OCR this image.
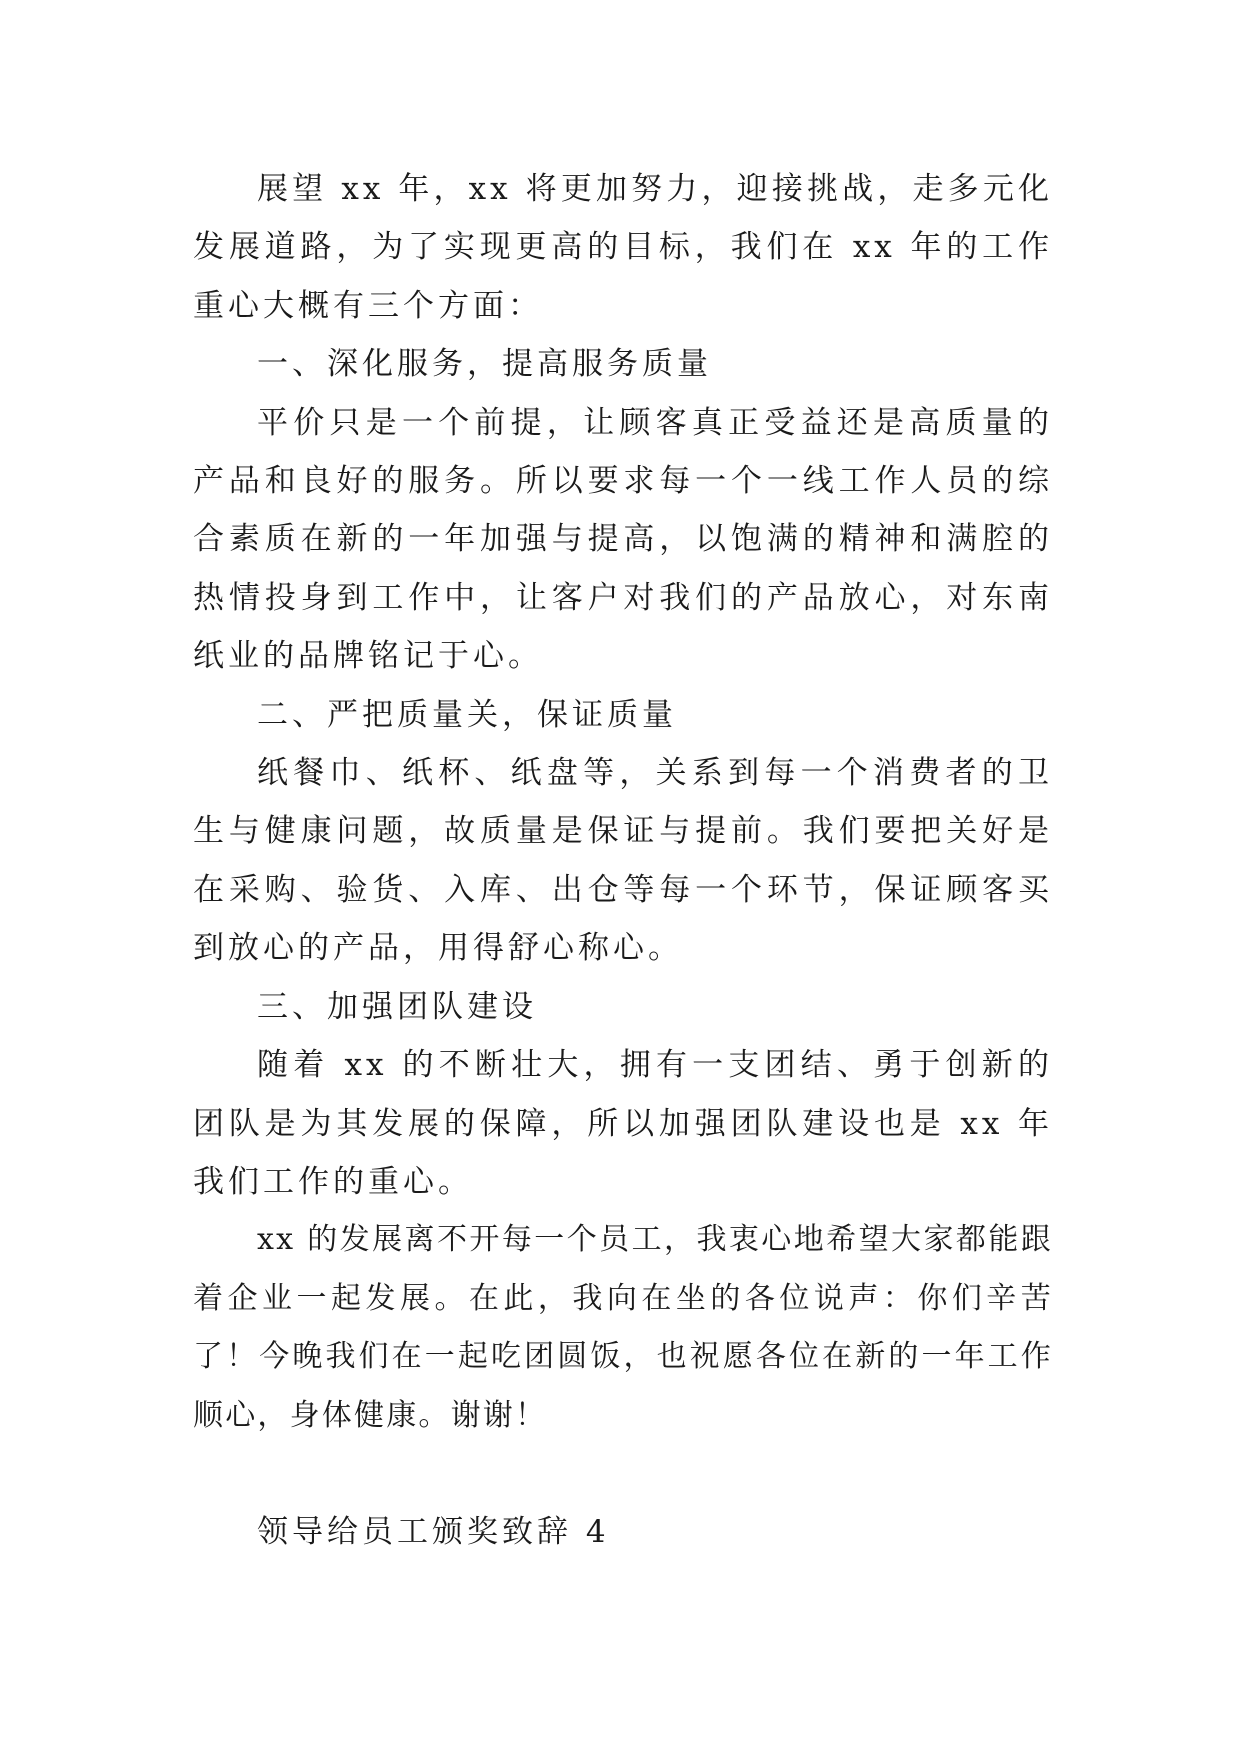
展望 xx 年，xx 将更加努力，迎接挑战，走多元化发展道路，为了实现更高的目标，我们在 xx 年的工作重心大概有三个方面：

一、深化服务，提高服务质量

平价只是一个前提，让顾客真正受益还是高质量的产品和良好的服务。所以要求每一个一线工作人员的综合素质在新的一年加强与提高，以饱满的精神和满腔的热情投身到工作中，让客户对我们的产品放心，对东南纸业的品牌铭记于心。

二、严把质量关，保证质量

纸餐巾、纸杯、纸盘等，关系到每一个消费者的卫生与健康问题，故质量是保证与提前。我们要把关好是在采购、验货、入库、出仓等每一个环节，保证顾客买到放心的产品，用得舒心称心。

三、加强团队建设

随着 xx 的不断壮大，拥有一支团结、勇于创新的团队是为其发展的保障，所以加强团队建设也是 xx 年我们工作的重心。

xx 的发展离不开每一个员工，我衷心地希望大家都能跟着企业一起发展。在此，我向在坐的各位说声：你们辛苦了！今晚我们在一起吃团圆饭，也祝愿各位在新的一年工作顺心，身体健康。谢谢！

领导给员工颁奖致辞 4
